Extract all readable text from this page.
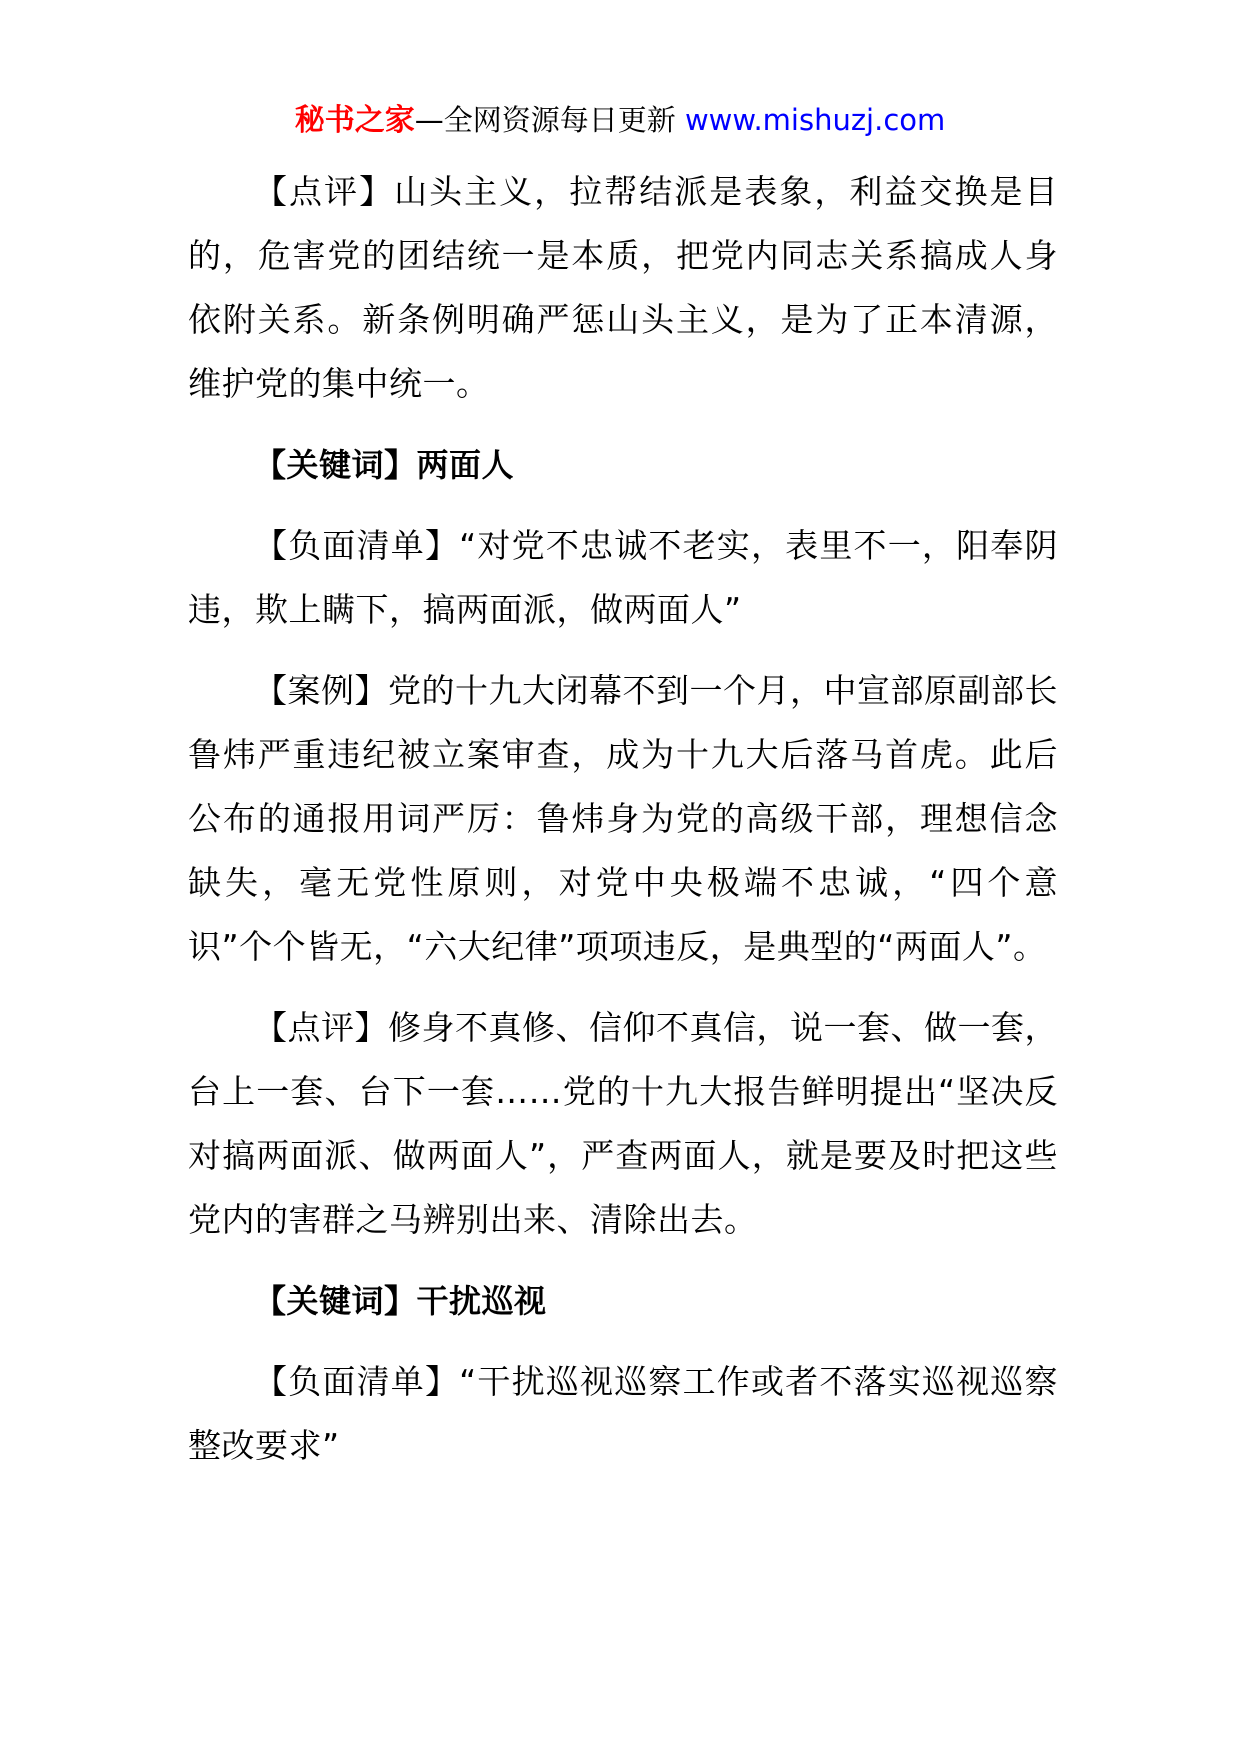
秘书之家—全网资源每日更新 www.mishuzj.com

【点评】山头主义，拉帮结派是表象，利益交换是目的，危害党的团结统一是本质，把党内同志关系搞成人身依附关系。新条例明确严惩山头主义，是为了正本清源，维护党的集中统一。

【关键词】两面人

【负面清单】“对党不忠诚不老实，表里不一，阳奉阴违，欺上瞒下，搞两面派，做两面人”

【案例】党的十九大闭幕不到一个月，中宣部原副部长鲁炜严重违纪被立案审查，成为十九大后落马首虎。此后公布的通报用词严厉：鲁炜身为党的高级干部，理想信念缺失，毫无党性原则，对党中央极端不忠诚，“四个意识”个个皆无，“六大纪律”项项违反，是典型的“两面人”。

【点评】修身不真修、信仰不真信，说一套、做一套，台上一套、台下一套……党的十九大报告鲜明提出“坚决反对搞两面派、做两面人”，严查两面人，就是要及时把这些党内的害群之马辨别出来、清除出去。

【关键词】干扰巡视

【负面清单】“干扰巡视巡察工作或者不落实巡视巡察整改要求”
